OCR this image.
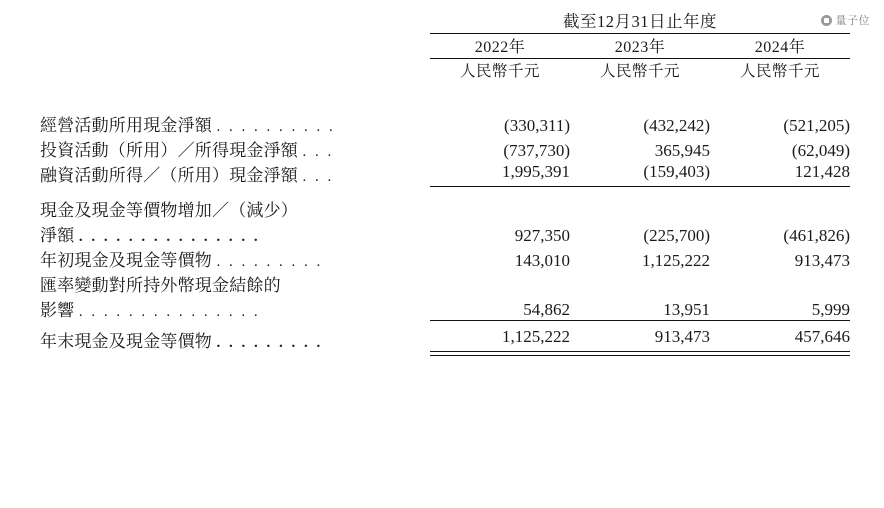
量子位
	截至12月31日止年度		

	2022年	2023年	2024年

	人民幣千元	人民幣千元	人民幣千元

經營活動所用現金淨額 . . . . . . . . . .	(330,311)	(432,242)	(521,205)
投資活動（所用）／所得現金淨額 . . .	(737,730)	365,945	(62,049)
融資活動所得／（所用）現金淨額 . . .	1,995,391	(159,403)	121,428

現金及現金等價物增加／（減少）			
淨額 . . . . . . . . . . . . . . .	927,350	(225,700)	(461,826)
年初現金及現金等價物 . . . . . . . . .	143,010	1,125,222	913,473
匯率變動對所持外幣現金結餘的			
影響 . . . . . . . . . . . . . . .	54,862	13,951	5,999
年末現金及現金等價物 . . . . . . . . .	1,125,222	913,473	457,646
